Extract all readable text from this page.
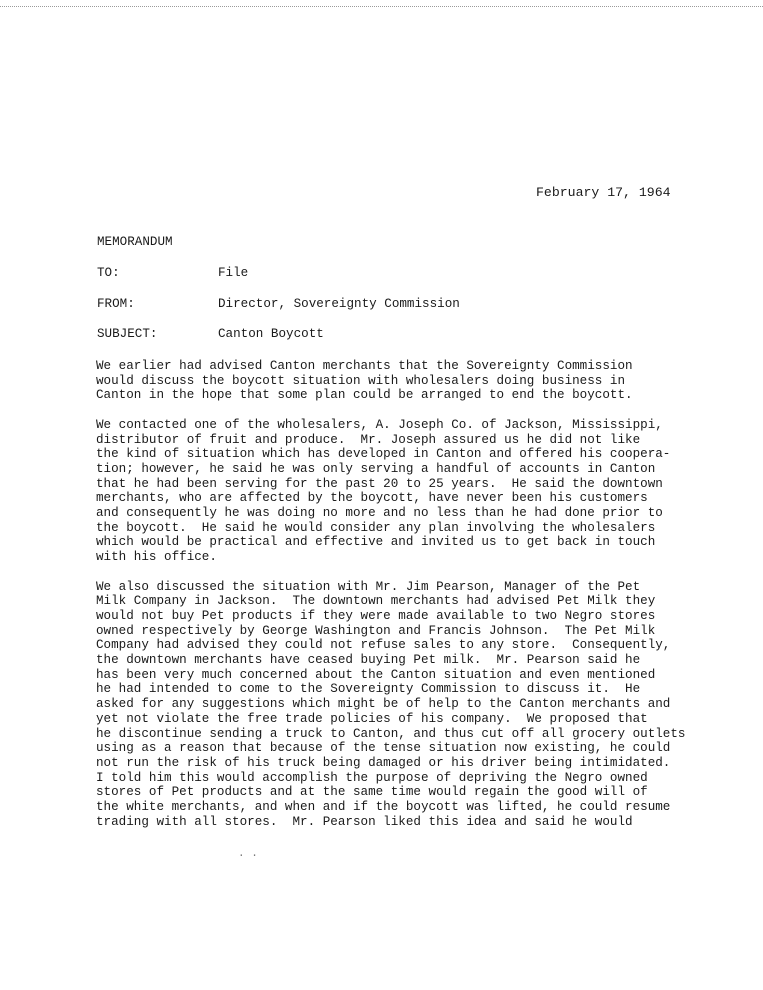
February 17, 1964
MEMORANDUM
TO:	File
FROM:	Director, Sovereignty Commission
SUBJECT:	Canton Boycott
We earlier had advised Canton merchants that the Sovereignty Commission
would discuss the boycott situation with wholesalers doing business in
Canton in the hope that some plan could be arranged to end the boycott.
We contacted one of the wholesalers, A. Joseph Co. of Jackson, Mississippi,
distributor of fruit and produce.  Mr. Joseph assured us he did not like
the kind of situation which has developed in Canton and offered his coopera-
tion; however, he said he was only serving a handful of accounts in Canton
that he had been serving for the past 20 to 25 years.  He said the downtown
merchants, who are affected by the boycott, have never been his customers
and consequently he was doing no more and no less than he had done prior to
the boycott.  He said he would consider any plan involving the wholesalers
which would be practical and effective and invited us to get back in touch
with his office.
We also discussed the situation with Mr. Jim Pearson, Manager of the Pet
Milk Company in Jackson.  The downtown merchants had advised Pet Milk they
would not buy Pet products if they were made available to two Negro stores
owned respectively by George Washington and Francis Johnson.  The Pet Milk
Company had advised they could not refuse sales to any store.  Consequently,
the downtown merchants have ceased buying Pet milk.  Mr. Pearson said he
has been very much concerned about the Canton situation and even mentioned
he had intended to come to the Sovereignty Commission to discuss it.  He
asked for any suggestions which might be of help to the Canton merchants and
yet not violate the free trade policies of his company.  We proposed that
he discontinue sending a truck to Canton, and thus cut off all grocery outlets
using as a reason that because of the tense situation now existing, he could
not run the risk of his truck being damaged or his driver being intimidated.
I told him this would accomplish the purpose of depriving the Negro owned
stores of Pet products and at the same time would regain the good will of
the white merchants, and when and if the boycott was lifted, he could resume
trading with all stores.  Mr. Pearson liked this idea and said he would
. .
